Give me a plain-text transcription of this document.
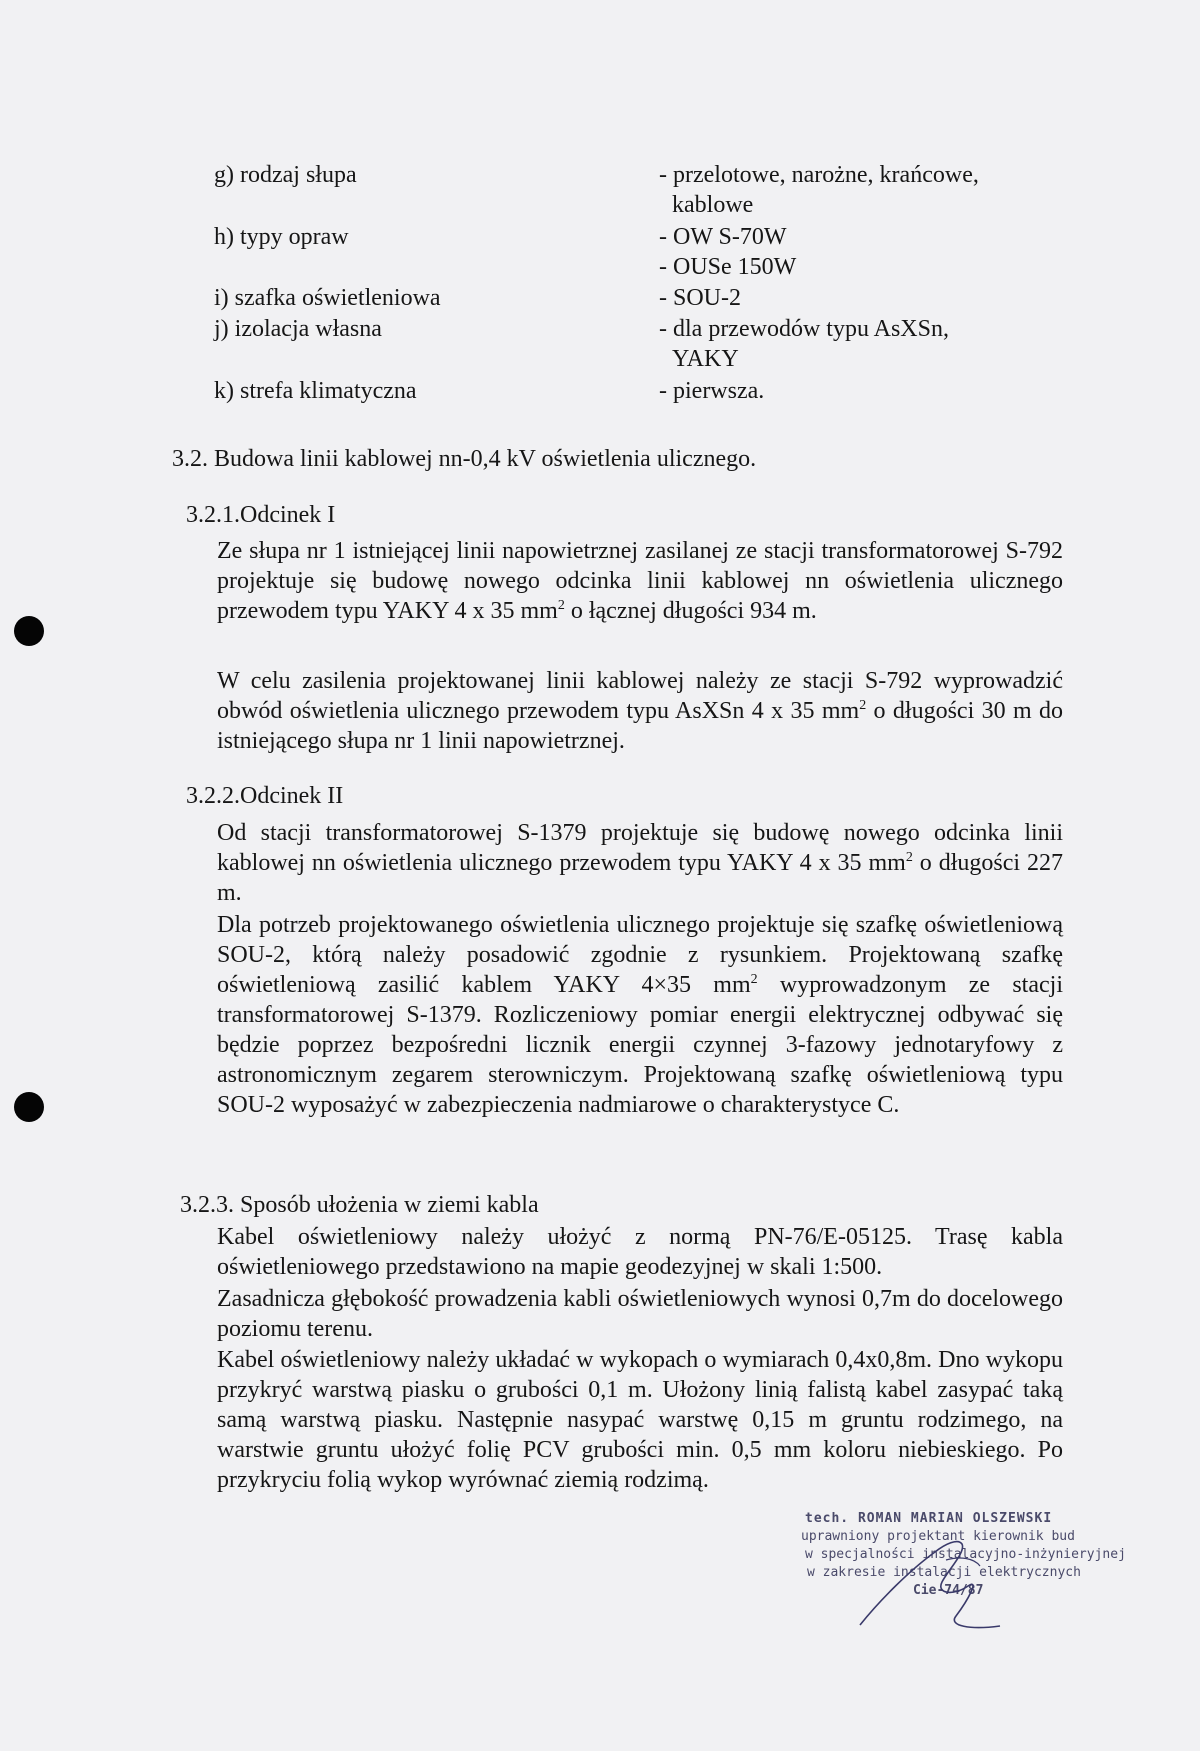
g) rodzaj słupa	- przelotowe, narożne, krańcowe,
kablowe
h) typy opraw	- OW S-70W
- OUSe 150W
i) szafka oświetleniowa	- SOU-2
j) izolacja własna	- dla przewodów typu AsXSn,
YAKY
k) strefa klimatyczna	- pierwsza.
3.2. Budowa linii kablowej nn-0,4 kV oświetlenia ulicznego.
3.2.1.Odcinek I
Ze słupa nr 1 istniejącej linii napowietrznej zasilanej ze stacji transformatorowej S-792 projektuje się budowę nowego odcinka linii kablowej nn oświetlenia ulicznego przewodem typu YAKY 4 x 35 $mm^2$ o łącznej długości 934 m.
W celu zasilenia projektowanej linii kablowej należy ze stacji S-792 wyprowadzić obwód oświetlenia ulicznego przewodem typu AsXSn 4 x 35 $mm^2$ o długości 30 m do istniejącego słupa nr 1 linii napowietrznej.
3.2.2.Odcinek II
Od stacji transformatorowej S-1379 projektuje się budowę nowego odcinka linii kablowej nn oświetlenia ulicznego przewodem typu YAKY 4 x 35 $mm^2$ o długości 227 m.
Dla potrzeb projektowanego oświetlenia ulicznego projektuje się szafkę oświetleniową SOU-2, którą należy posadowić zgodnie z rysunkiem. Projektowaną szafkę oświetleniową zasilić kablem YAKY 4×35 $mm^2$ wyprowadzonym ze stacji transformatorowej S-1379. Rozliczeniowy pomiar energii elektrycznej odbywać się będzie poprzez bezpośredni licznik energii czynnej 3-fazowy jednotaryfowy z astronomicznym zegarem sterowniczym. Projektowaną szafkę oświetleniową typu SOU-2 wyposażyć w zabezpieczenia nadmiarowe o charakterystyce C.
3.2.3. Sposób ułożenia w ziemi kabla
Kabel oświetleniowy należy ułożyć z normą PN-76/E-05125. Trasę kabla oświetleniowego przedstawiono na mapie geodezyjnej w skali 1:500.
Zasadnicza głębokość prowadzenia kabli oświetleniowych wynosi 0,7m do docelowego poziomu terenu.
Kabel oświetleniowy należy układać w wykopach o wymiarach 0,4x0,8m. Dno wykopu przykryć warstwą piasku o grubości 0,1 m. Ułożony linią falistą kabel zasypać taką samą warstwą piasku. Następnie nasypać warstwę 0,15 m gruntu rodzimego, na warstwie gruntu ułożyć folię PCV grubości min. 0,5 mm koloru niebieskiego. Po przykryciu folią wykop wyrównać ziemią rodzimą.
tech. ROMAN MARIAN OLSZEWSKI
uprawniony projektant kierownik bud
w specjalności instalacyjno-inżynieryjnej
w zakresie instalacji elektrycznych
Cie-74/87
